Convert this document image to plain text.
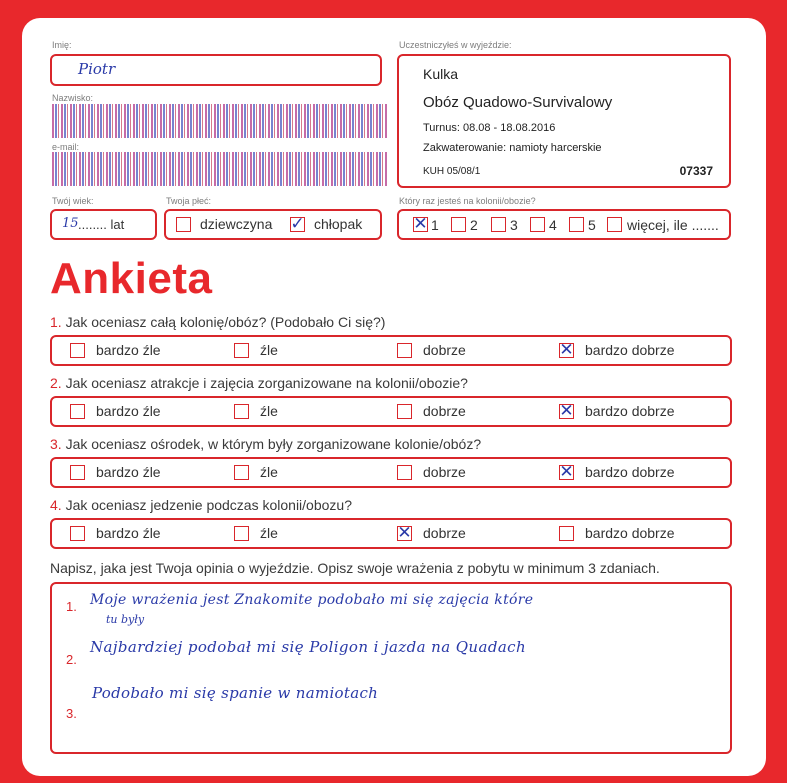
Imię:
Piotr
Nazwisko:
e-mail:
Twój wiek:
15 ........ lat
Twoja płeć:
dziewczyna ✓ chłopak
Uczestniczyłeś w wyjeździe:
Kulka
Obóz Quadowo-Survivalowy
Turnus: 08.08 - 18.08.2016
Zakwaterowanie: namioty harcerskie
KUH 05/08/1	07337
Który raz jesteś na kolonii/obozie?
✕ 1 2 3 4 5 więcej, ile .......
Ankieta
1. Jak oceniasz całą kolonię/obóz? (Podobało Ci się?)
bardzo źle	źle	dobrze	✕ bardzo dobrze
2. Jak oceniasz atrakcje i zajęcia zorganizowane na kolonii/obozie?
bardzo źle	źle	dobrze	✕ bardzo dobrze
3. Jak oceniasz ośrodek, w którym były zorganizowane kolonie/obóz?
bardzo źle	źle	dobrze	✕ bardzo dobrze
4. Jak oceniasz jedzenie podczas kolonii/obozu?
bardzo źle	źle	✕ dobrze	bardzo dobrze
Napisz, jaka jest Twoja opinia o wyjeździe. Opisz swoje wrażenia z pobytu w minimum 3 zdaniach.
1. Moje wrażenia jest Znakomite podobało mi się zajęcia które
tu były
2.
Najbardziej podobał mi się Poligon i jazda na Quadach
3.
Podobało mi się spanie w namiotach
